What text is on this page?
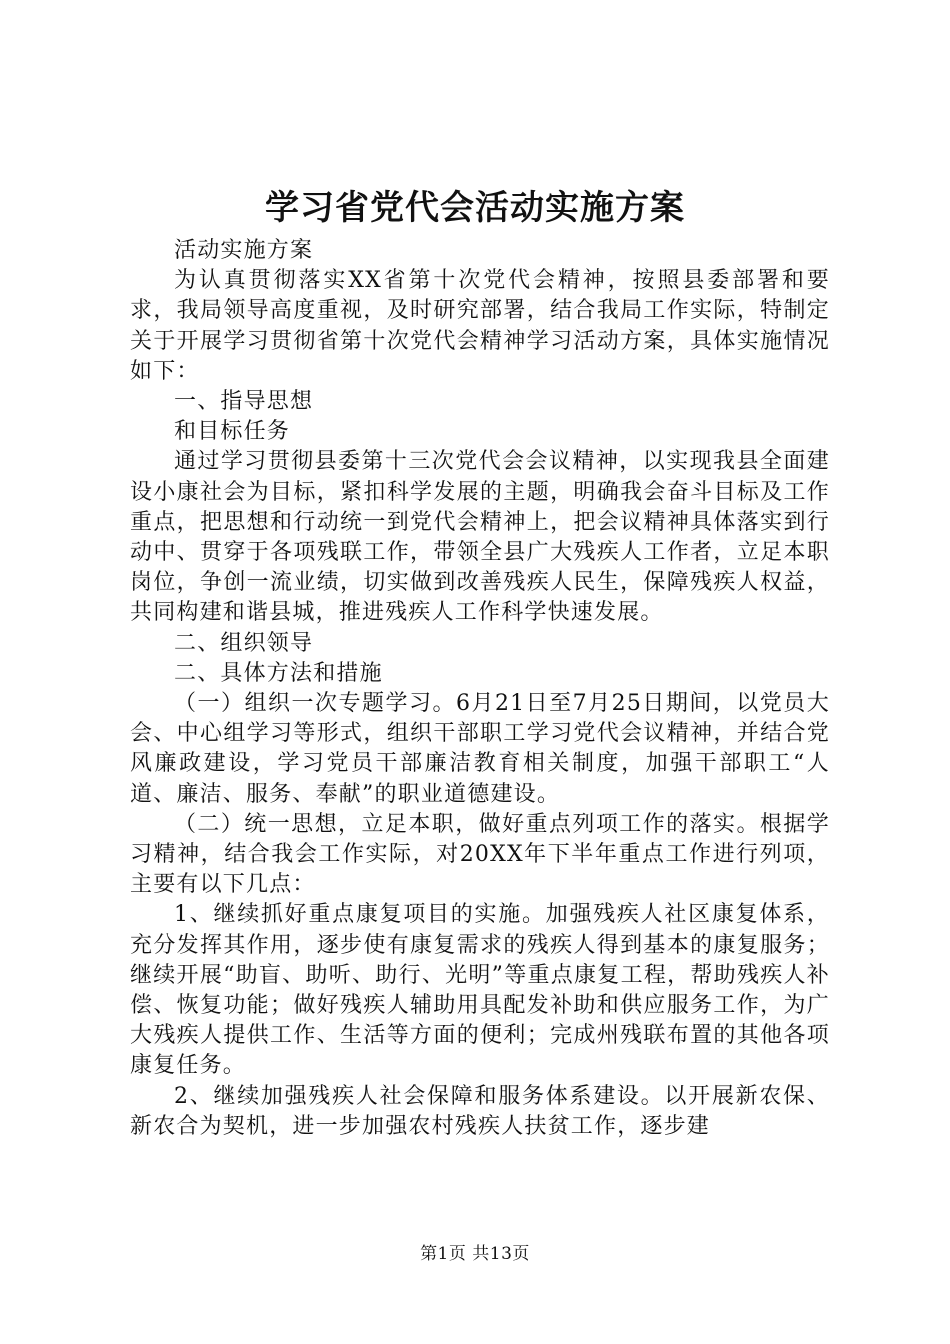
学习省党代会活动实施方案

活动实施方案

为认真贯彻落实XX省第十次党代会精神，按照县委部署和要求，我局领导高度重视，及时研究部署，结合我局工作实际，特制定关于开展学习贯彻省第十次党代会精神学习活动方案，具体实施情况如下：

一、指导思想

和目标任务

通过学习贯彻县委第十三次党代会会议精神，以实现我县全面建设小康社会为目标，紧扣科学发展的主题，明确我会奋斗目标及工作重点，把思想和行动统一到党代会精神上，把会议精神具体落实到行动中、贯穿于各项残联工作，带领全县广大残疾人工作者，立足本职岗位，争创一流业绩，切实做到改善残疾人民生，保障残疾人权益，共同构建和谐县城，推进残疾人工作科学快速发展。

二、组织领导

二、具体方法和措施

（一）组织一次专题学习。6月21日至7月25日期间，以党员大会、中心组学习等形式，组织干部职工学习党代会议精神，并结合党风廉政建设，学习党员干部廉洁教育相关制度，加强干部职工“人道、廉洁、服务、奉献”的职业道德建设。

（二）统一思想，立足本职，做好重点列项工作的落实。根据学习精神，结合我会工作实际，对20XX年下半年重点工作进行列项，主要有以下几点：

1、继续抓好重点康复项目的实施。加强残疾人社区康复体系，充分发挥其作用，逐步使有康复需求的残疾人得到基本的康复服务；继续开展“助盲、助听、助行、光明”等重点康复工程，帮助残疾人补偿、恢复功能；做好残疾人辅助用具配发补助和供应服务工作，为广大残疾人提供工作、生活等方面的便利；完成州残联布置的其他各项康复任务。

2、继续加强残疾人社会保障和服务体系建设。以开展新农保、新农合为契机，进一步加强农村残疾人扶贫工作，逐步建

第1页 共13页
